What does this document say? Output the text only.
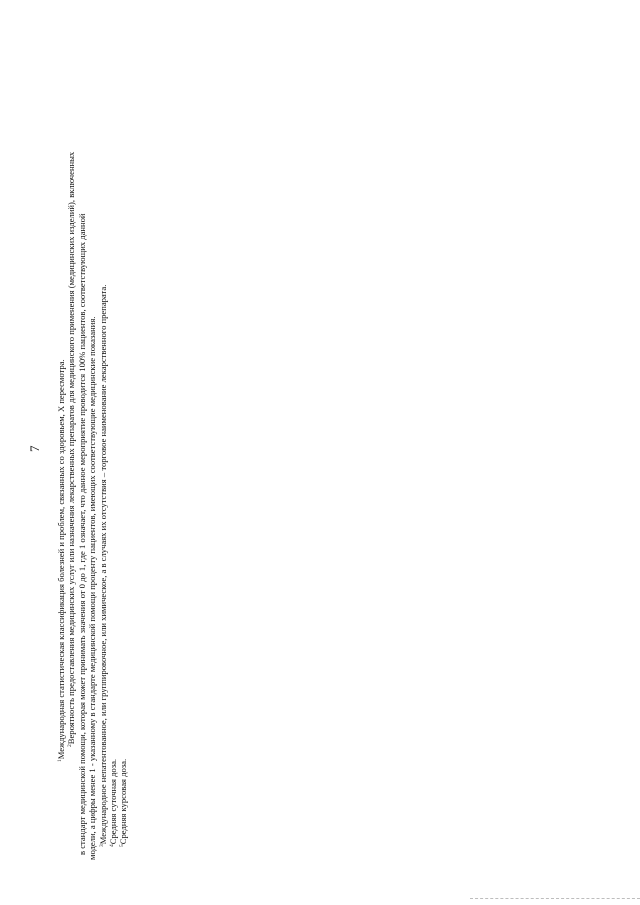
7
$^1$Международная статистическая классификация болезней и проблем, связанных со здоровьем, X пересмотра. $^2$Вероятность предоставления медицинских услуг или назначения лекарственных препаратов для медицинского применения (медицинских изделий), включенных в стандарт медицинской помощи, которая может принимать значения от 0 до 1, где 1 означает, что данное мероприятие проводится 100% пациентов, соответствующих данной модели, а цифры менее 1 - указанному в стандарте медицинской помощи проценту пациентов, имеющих соответствующие медицинские показания. $^3$Международное непатентованное, или группировочное, или химическое, а в случаях их отсутствия – торговое наименование лекарственного препарата.
$^4$Средняя суточная доза.
$^5$Средняя курсовая доза.
